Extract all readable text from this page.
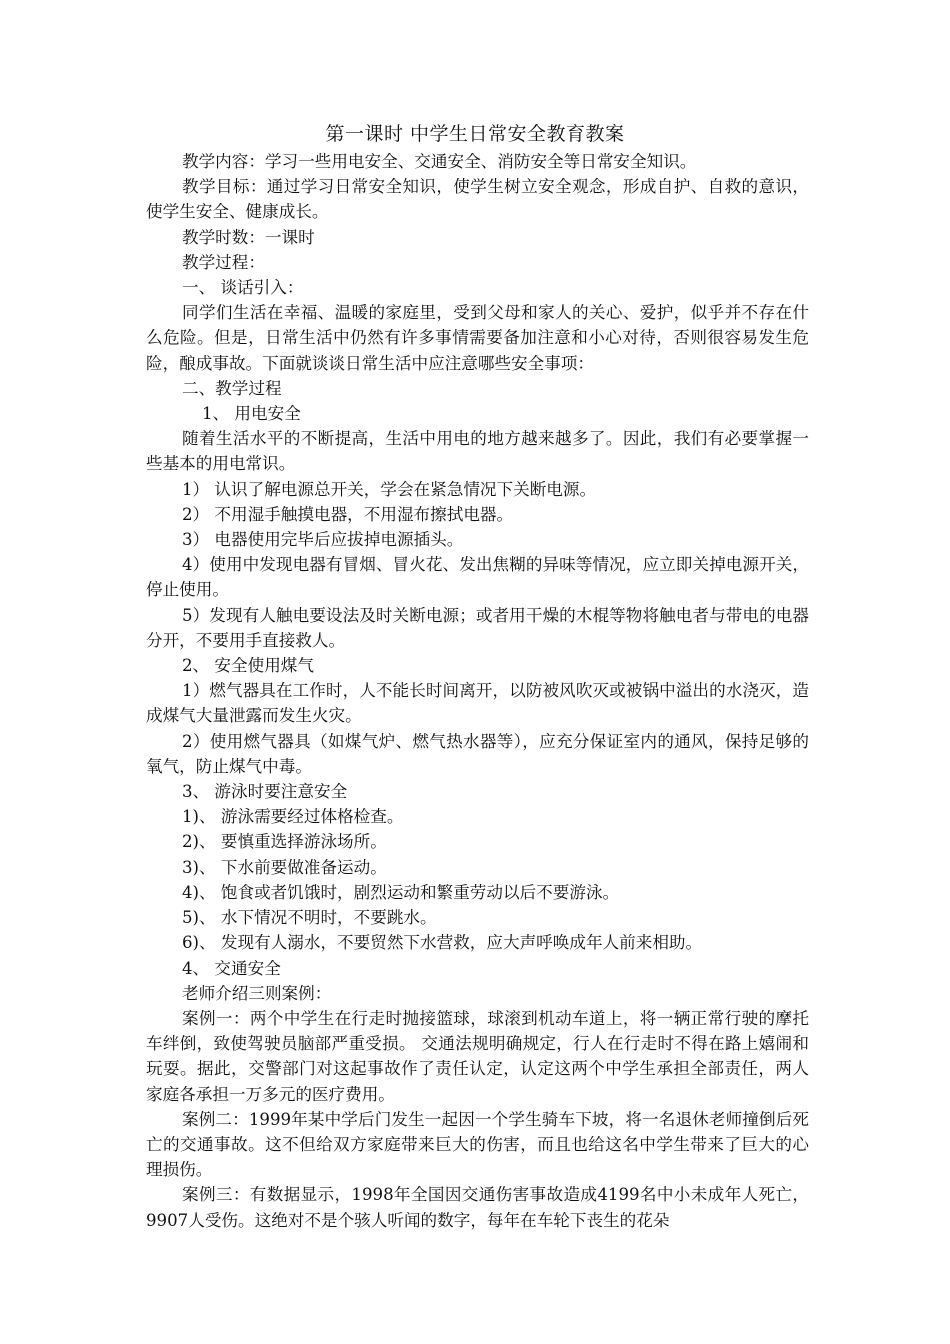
第一课时 中学生日常安全教育教案

教学内容：学习一些用电安全、交通安全、消防安全等日常安全知识。

教学目标：通过学习日常安全知识，使学生树立安全观念，形成自护、自救的意识，使学生安全、健康成长。

教学时数：一课时

教学过程：

一、 谈话引入：

同学们生活在幸福、温暖的家庭里，受到父母和家人的关心、爱护，似乎并不存在什么危险。但是，日常生活中仍然有许多事情需要备加注意和小心对待，否则很容易发生危险，酿成事故。下面就谈谈日常生活中应注意哪些安全事项：

二、教学过程

1、 用电安全

随着生活水平的不断提高，生活中用电的地方越来越多了。因此，我们有必要掌握一些基本的用电常识。

1） 认识了解电源总开关，学会在紧急情况下关断电源。

2） 不用湿手触摸电器，不用湿布擦拭电器。

3） 电器使用完毕后应拔掉电源插头。

4）使用中发现电器有冒烟、冒火花、发出焦糊的异味等情况，应立即关掉电源开关，停止使用。

5）发现有人触电要设法及时关断电源；或者用干燥的木棍等物将触电者与带电的电器分开，不要用手直接救人。

2、 安全使用煤气

1）燃气器具在工作时，人不能长时间离开，以防被风吹灭或被锅中溢出的水浇灭，造成煤气大量泄露而发生火灾。

2）使用燃气器具（如煤气炉、燃气热水器等），应充分保证室内的通风，保持足够的氧气，防止煤气中毒。

3、 游泳时要注意安全

1)、 游泳需要经过体格检查。

2)、 要慎重选择游泳场所。

3)、 下水前要做准备运动。

4)、 饱食或者饥饿时，剧烈运动和繁重劳动以后不要游泳。

5)、 水下情况不明时，不要跳水。

6)、 发现有人溺水，不要贸然下水营救，应大声呼唤成年人前来相助。

4、 交通安全

老师介绍三则案例：

案例一：两个中学生在行走时抛接篮球，球滚到机动车道上，将一辆正常行驶的摩托车绊倒，致使驾驶员脑部严重受损。 交通法规明确规定，行人在行走时不得在路上嬉闹和玩耍。据此，交警部门对这起事故作了责任认定，认定这两个中学生承担全部责任，两人家庭各承担一万多元的医疗费用。

案例二：1999年某中学后门发生一起因一个学生骑车下坡，将一名退休老师撞倒后死亡的交通事故。这不但给双方家庭带来巨大的伤害，而且也给这名中学生带来了巨大的心理损伤。

案例三：有数据显示，1998年全国因交通伤害事故造成4199名中小未成年人死亡，9907人受伤。这绝对不是个骇人听闻的数字，每年在车轮下丧生的花朵
